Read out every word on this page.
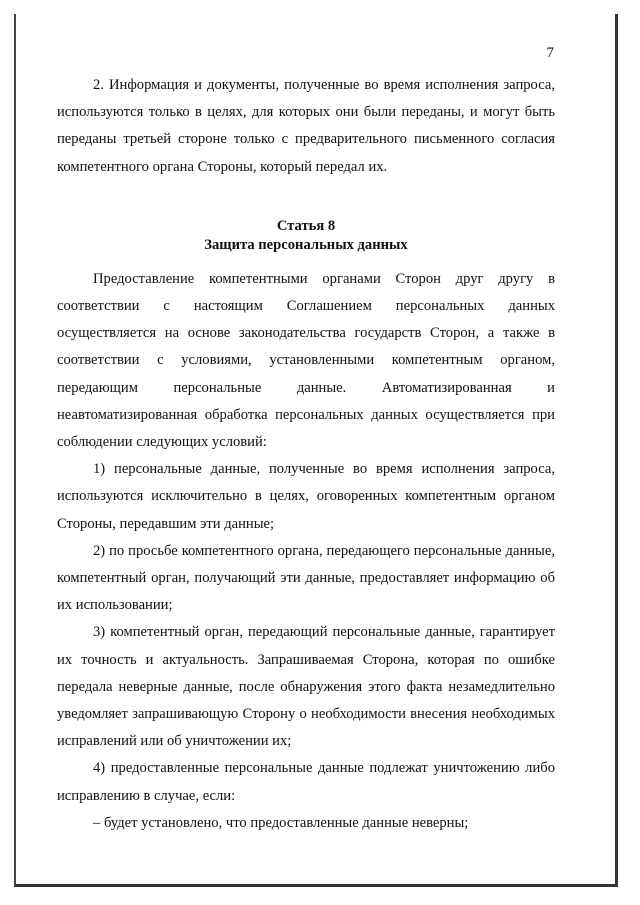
7

2. Информация и документы, полученные во время исполнения запроса, используются только в целях, для которых они были переданы, и могут быть переданы третьей стороне только с предварительного письменного согласия компетентного органа Стороны, который передал их.

Статья 8
Защита персональных данных

Предоставление компетентными органами Сторон друг другу в соответствии с настоящим Соглашением персональных данных осуществляется на основе законодательства государств Сторон, а также в соответствии с условиями, установленными компетентным органом, передающим персональные данные. Автоматизированная и неавтоматизированная обработка персональных данных осуществляется при соблюдении следующих условий:

1) персональные данные, полученные во время исполнения запроса, используются исключительно в целях, оговоренных компетентным органом Стороны, передавшим эти данные;

2) по просьбе компетентного органа, передающего персональные данные, компетентный орган, получающий эти данные, предоставляет информацию об их использовании;

3) компетентный орган, передающий персональные данные, гарантирует их точность и актуальность. Запрашиваемая Сторона, которая по ошибке передала неверные данные, после обнаружения этого факта незамедлительно уведомляет запрашивающую Сторону о необходимости внесения необходимых исправлений или об уничтожении их;

4) предоставленные персональные данные подлежат уничтожению либо исправлению в случае, если:

– будет установлено, что предоставленные данные неверны;
